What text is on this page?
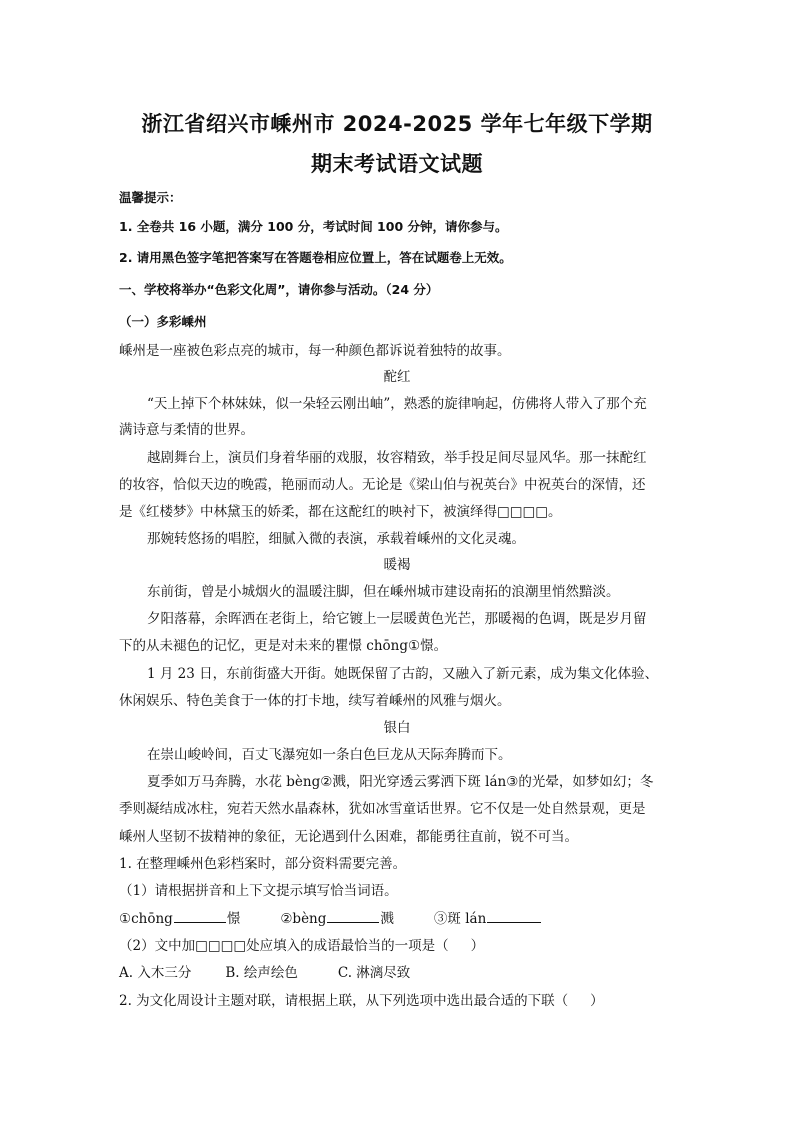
浙江省绍兴市嵊州市 2024-2025 学年七年级下学期
期末考试语文试题
温馨提示：
1. 全卷共 16 小题，满分 100 分，考试时间 100 分钟，请你参与。
2. 请用黑色签字笔把答案写在答题卷相应位置上，答在试题卷上无效。
一、学校将举办“色彩文化周”，请你参与活动。（24 分）
（一）多彩嵊州
嵊州是一座被色彩点亮的城市，每一种颜色都诉说着独特的故事。
酡红
“天上掉下个林妹妹，似一朵轻云刚出岫”，熟悉的旋律响起，仿佛将人带入了那个充
满诗意与柔情的世界。
越剧舞台上，演员们身着华丽的戏服，妆容精致，举手投足间尽显风华。那一抹酡红
的妆容，恰似天边的晚霞，艳丽而动人。无论是《梁山伯与祝英台》中祝英台的深情，还
是《红楼梦》中林黛玉的娇柔，都在这酡红的映衬下，被演绎得□□□□。
那婉转悠扬的唱腔，细腻入微的表演，承载着嵊州的文化灵魂。
暖褐
东前街，曾是小城烟火的温暖注脚，但在嵊州城市建设南拓的浪潮里悄然黯淡。
夕阳落幕，余晖洒在老街上，给它镀上一层暖黄色光芒，那暖褐的色调，既是岁月留
下的从未褪色的记忆，更是对未来的瞿憬 chōng①憬。
1 月 23 日，东前街盛大开街。她既保留了古韵，又融入了新元素，成为集文化体验、
休闲娱乐、特色美食于一体的打卡地，续写着嵊州的风雅与烟火。
银白
在崇山峻岭间，百丈飞瀑宛如一条白色巨龙从天际奔腾而下。
夏季如万马奔腾，水花 bèng②溅，阳光穿透云雾洒下斑 lán③的光晕，如梦如幻；冬
季则凝结成冰柱，宛若天然水晶森林，犹如冰雪童话世界。它不仅是一处自然景观，更是
嵊州人坚韧不拔精神的象征，无论遇到什么困难，都能勇往直前，锐不可当。
1. 在整理嵊州色彩档案时，部分资料需要完善。
（1）请根据拼音和上下文提示填写恰当词语。
①chōng	憬	②bèng	溅	③斑 lán
（2）文中加□□□□处应填入的成语最恰当的一项是（ ）
A. 入木三分	B. 绘声绘色	C. 淋漓尽致
2. 为文化周设计主题对联，请根据上联，从下列选项中选出最合适的下联（ ）
